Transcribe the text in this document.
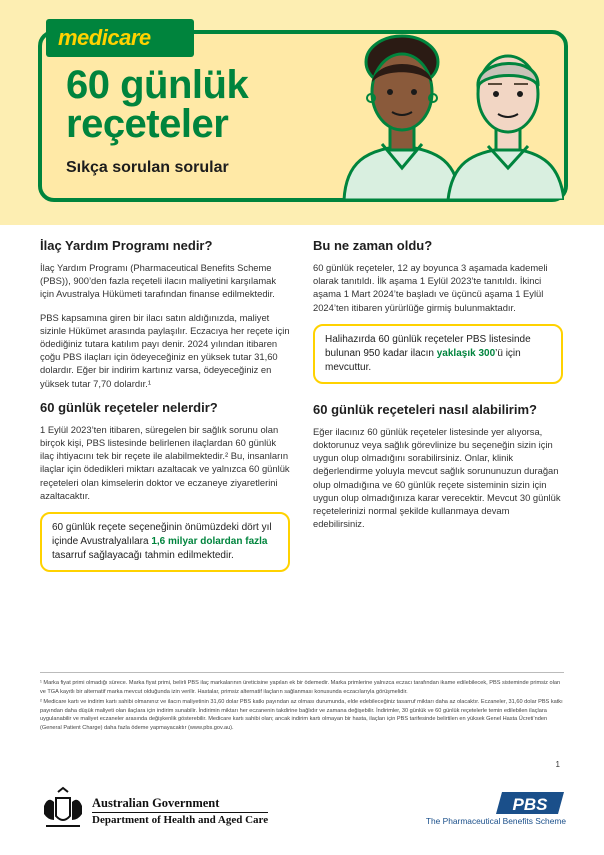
medicare
60 günlük
reçeteler
Sıkça sorulan sorular
İlaç Yardım Programı nedir?

İlaç Yardım Programı (Pharmaceutical Benefits Scheme (PBS)), 900’den fazla reçeteli ilacın maliyetini karşılamak için Avustralya Hükümeti tarafından finanse edilmektedir.

PBS kapsamına giren bir ilacı satın aldığınızda, maliyet sizinle Hükümet arasında paylaşılır. Eczacıya her reçete için ödediğiniz tutara katılım payı denir. 2024 yılından itibaren çoğu PBS ilaçları için ödeyeceğiniz en yüksek tutar 31,60 dolardır. Eğer bir indirim kartınız varsa, ödeyeceğiniz en yüksek tutar 7,70 dolardır.¹

60 günlük reçeteler nelerdir?

1 Eylül 2023’ten itibaren, süregelen bir sağlık sorunu olan birçok kişi, PBS listesinde belirlenen ilaçlardan 60 günlük ilaç ihtiyacını tek bir reçete ile alabilmektedir.² Bu, insanların ilaçlar için ödedikleri miktarı azaltacak ve yalnızca 60 günlük reçeteleri olan kimselerin doktor ve eczaneye ziyaretlerini azaltacaktır.

60 günlük reçete seçeneğinin önümüzdeki dört yıl içinde Avustralyalılara 1,6 milyar dolardan fazla tasarruf sağlayacağı tahmin edilmektedir.
Bu ne zaman oldu?

60 günlük reçeteler, 12 ay boyunca 3 aşamada kademeli olarak tanıtıldı. İlk aşama 1 Eylül 2023’te tanıtıldı. İkinci aşama 1 Mart 2024’te başladı ve üçüncü aşama 1 Eylül 2024’ten itibaren yürürlüğe girmiş bulunmaktadır.

Halihazırda 60 günlük reçeteler PBS listesinde bulunan 950 kadar ilacın yaklaşık 300’ü için mevcuttur.
60 günlük reçeteleri nasıl alabilirim?

Eğer ilacınız 60 günlük reçeteler listesinde yer alıyorsa, doktorunuz veya sağlık görevlinize bu seçeneğin sizin için uygun olup olmadığını sorabilirsiniz. Onlar, klinik değerlendirme yoluyla mevcut sağlık sorununuzun durağan olup olmadığına ve 60 günlük reçete sisteminin sizin için uygun olup olmadığınıza karar verecektir. Mevcut 30 günlük reçetelerinizi normal şekilde kullanmaya devam edebilirsiniz.

¹ Marka fiyat primi olmadığı sürece. Marka fiyat primi, belirli PBS ilaç markalarının üreticisine yapılan ek bir ödemedir. Marka primlerine yalnızca eczacı tarafından ikame edilebilecek, PBS sisteminde primsiz olan ve TGA kayıtlı bir alternatif marka mevcut olduğunda izin verilir. Hastalar, primsiz alternatif ilaçların sağlanması konusunda eczacılarıyla görüşmelidir.
² Medicare kartı ve indirim kartı sahibi olmanınız ve ilacın maliyetinin 31,60 dolar PBS katkı payından az olması durumunda, elde edebileceğiniz tasarruf miktarı daha az olacaktır. Eczaneler, 31,60 dolar PBS katkı payından daha düşük maliyeti olan ilaçlara için indirim sunabilir. İndirimin miktarı her eczanenin takdirine bağlıdır ve zamana değişebilir. İndirimler, 30 günlük ve 60 günlük reçetelerle temin edilebilen ilaçlara uygulanabilir ve maliyet eczaneler arasında değişkenlik gösterebilir. Medicare kartı sahibi olan; ancak indirim kartı olmayan bir hasta, ilaçları için PBS tarifesinde belirtilen en yüksek Genel Hasta Ücreti’nden (General Patient Charge) daha fazla ödeme yapmayacaktır (www.pbs.gov.au).
1
Australian Government
Department of Health and Aged Care
PBS
The Pharmaceutical Benefits Scheme
